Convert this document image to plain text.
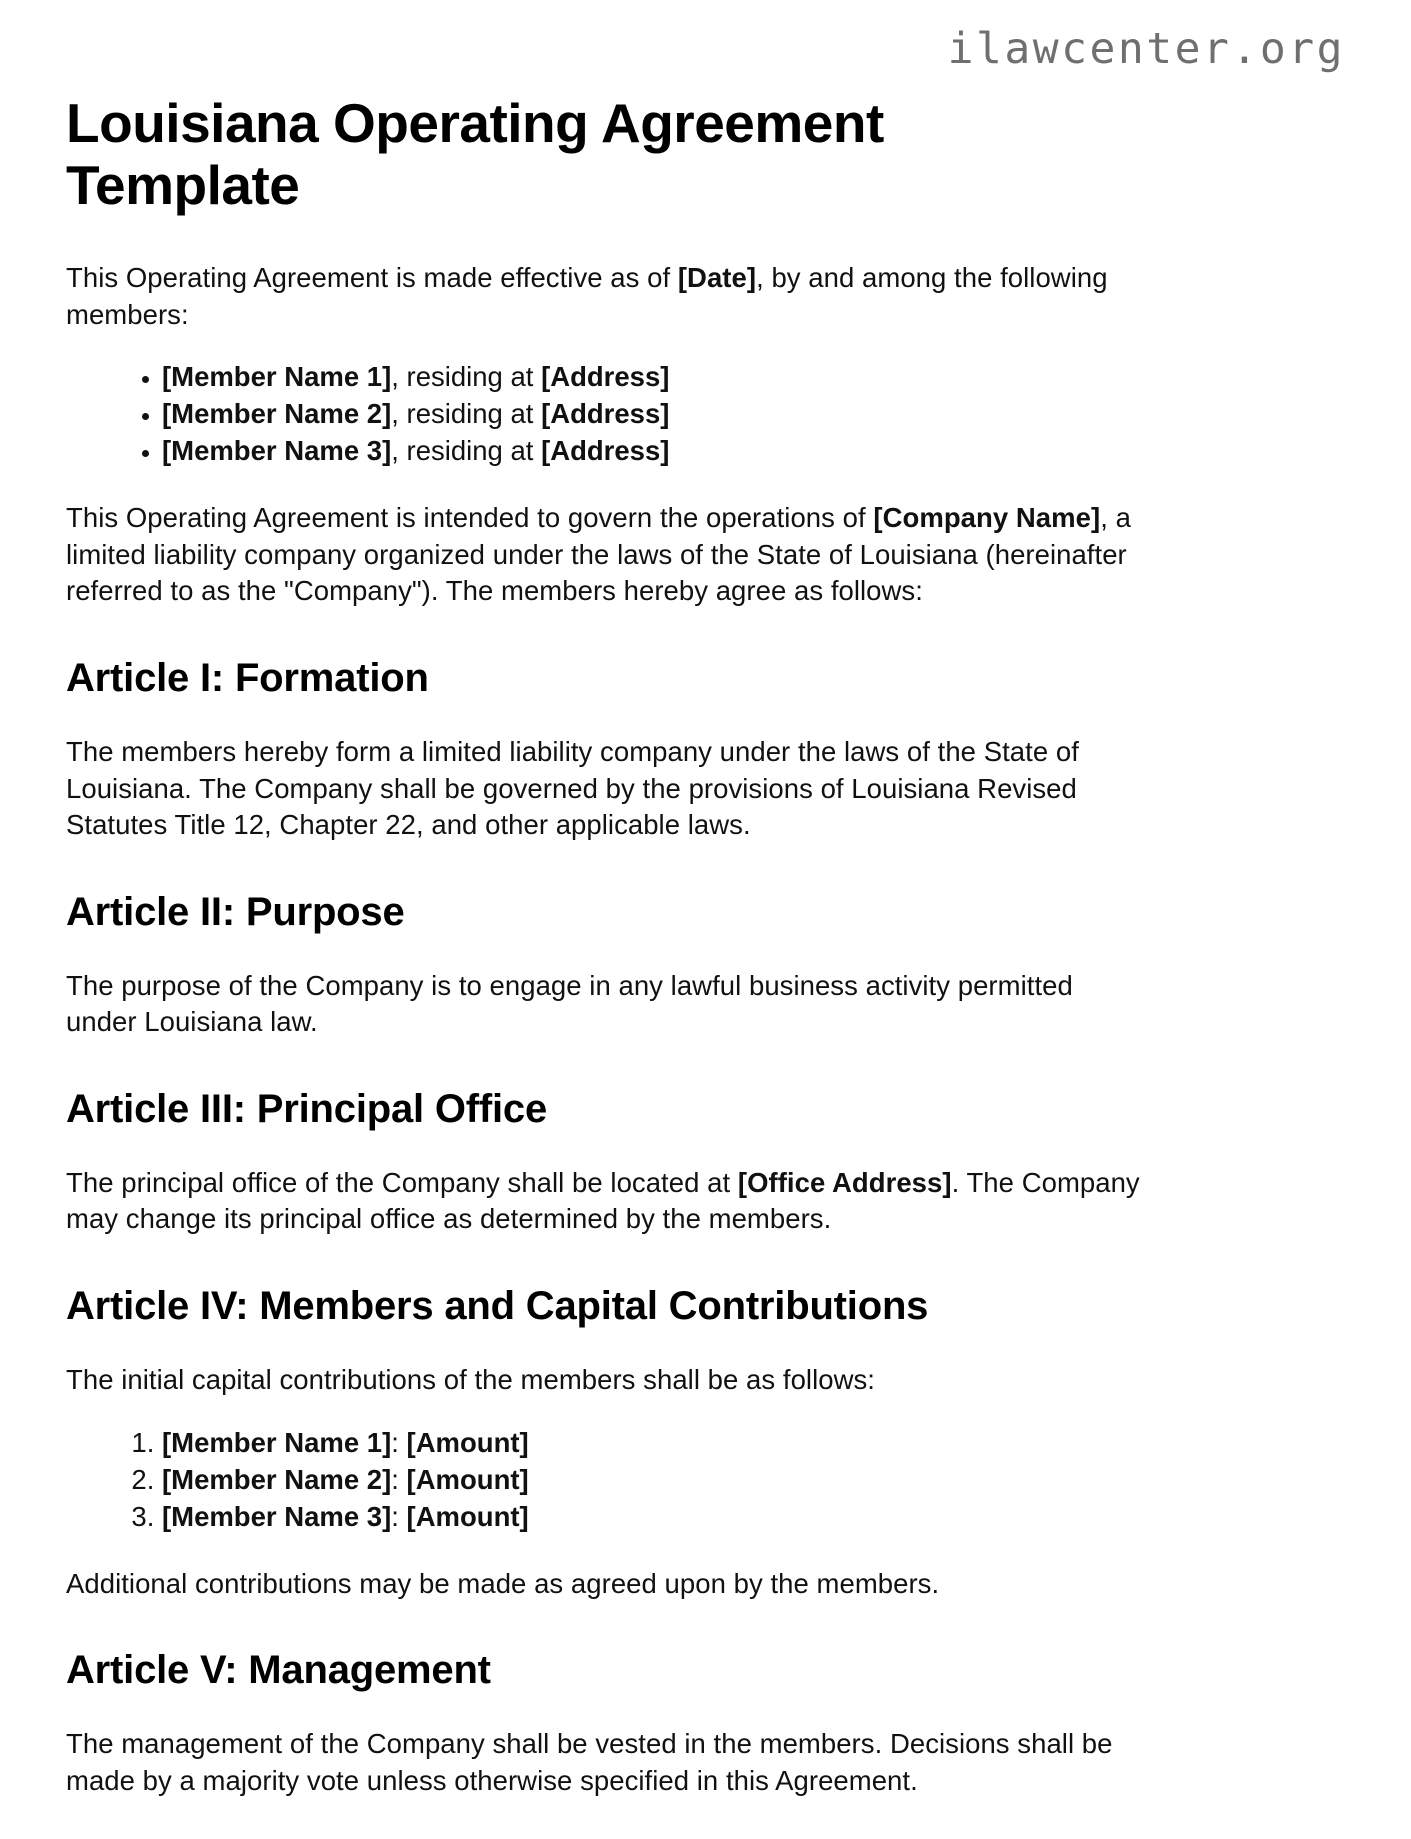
ilawcenter.org
Louisiana Operating Agreement Template

This Operating Agreement is made effective as of [Date], by and among the following members:

• [Member Name 1], residing at [Address]
• [Member Name 2], residing at [Address]
• [Member Name 3], residing at [Address]

This Operating Agreement is intended to govern the operations of [Company Name], a limited liability company organized under the laws of the State of Louisiana (hereinafter referred to as the "Company"). The members hereby agree as follows:

Article I: Formation

The members hereby form a limited liability company under the laws of the State of Louisiana. The Company shall be governed by the provisions of Louisiana Revised Statutes Title 12, Chapter 22, and other applicable laws.

Article II: Purpose

The purpose of the Company is to engage in any lawful business activity permitted under Louisiana law.

Article III: Principal Office

The principal office of the Company shall be located at [Office Address]. The Company may change its principal office as determined by the members.

Article IV: Members and Capital Contributions

The initial capital contributions of the members shall be as follows:

1. [Member Name 1]: [Amount]
2. [Member Name 2]: [Amount]
3. [Member Name 3]: [Amount]

Additional contributions may be made as agreed upon by the members.

Article V: Management

The management of the Company shall be vested in the members. Decisions shall be made by a majority vote unless otherwise specified in this Agreement.
